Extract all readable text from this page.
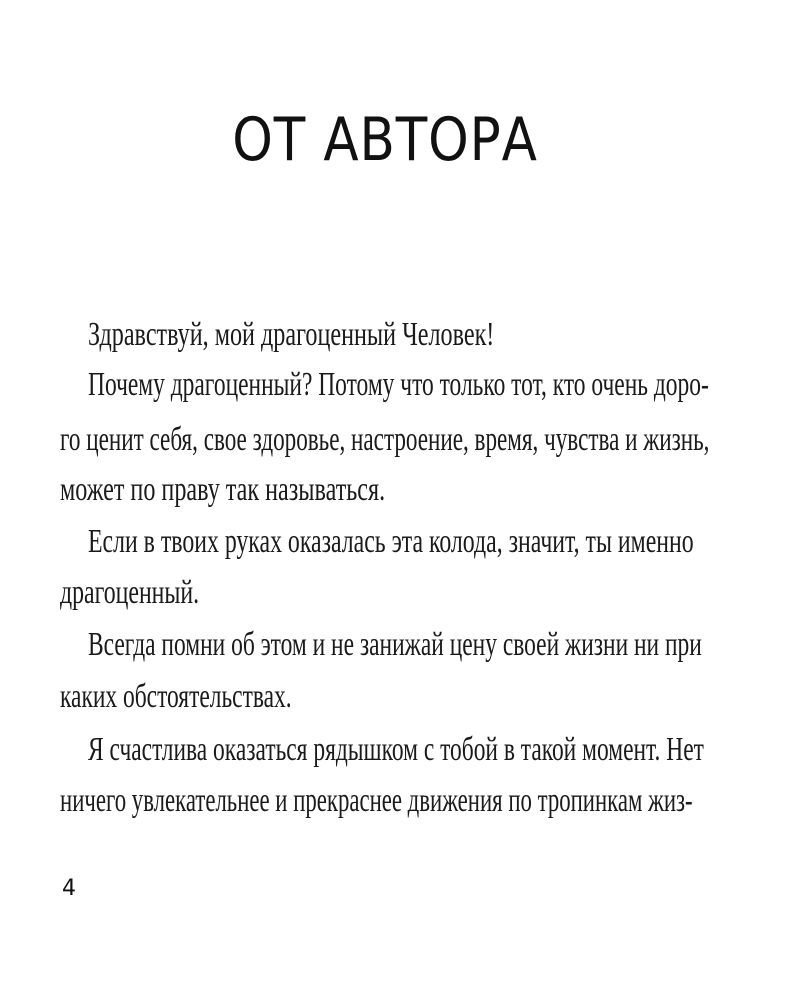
ОТ АВТОРА
Здравствуй, мой драгоценный Человек!
Почему драгоценный? Потому что только тот, кто очень доро-
го ценит себя, свое здоровье, настроение, время, чувства и жизнь,
может по праву так называться.
Если в твоих руках оказалась эта колода, значит, ты именно
драгоценный.
Всегда помни об этом и не занижай цену своей жизни ни при
каких обстоятельствах.
Я счастлива оказаться рядышком с тобой в такой момент. Нет
ничего увлекательнее и прекраснее движения по тропинкам жиз-
4
